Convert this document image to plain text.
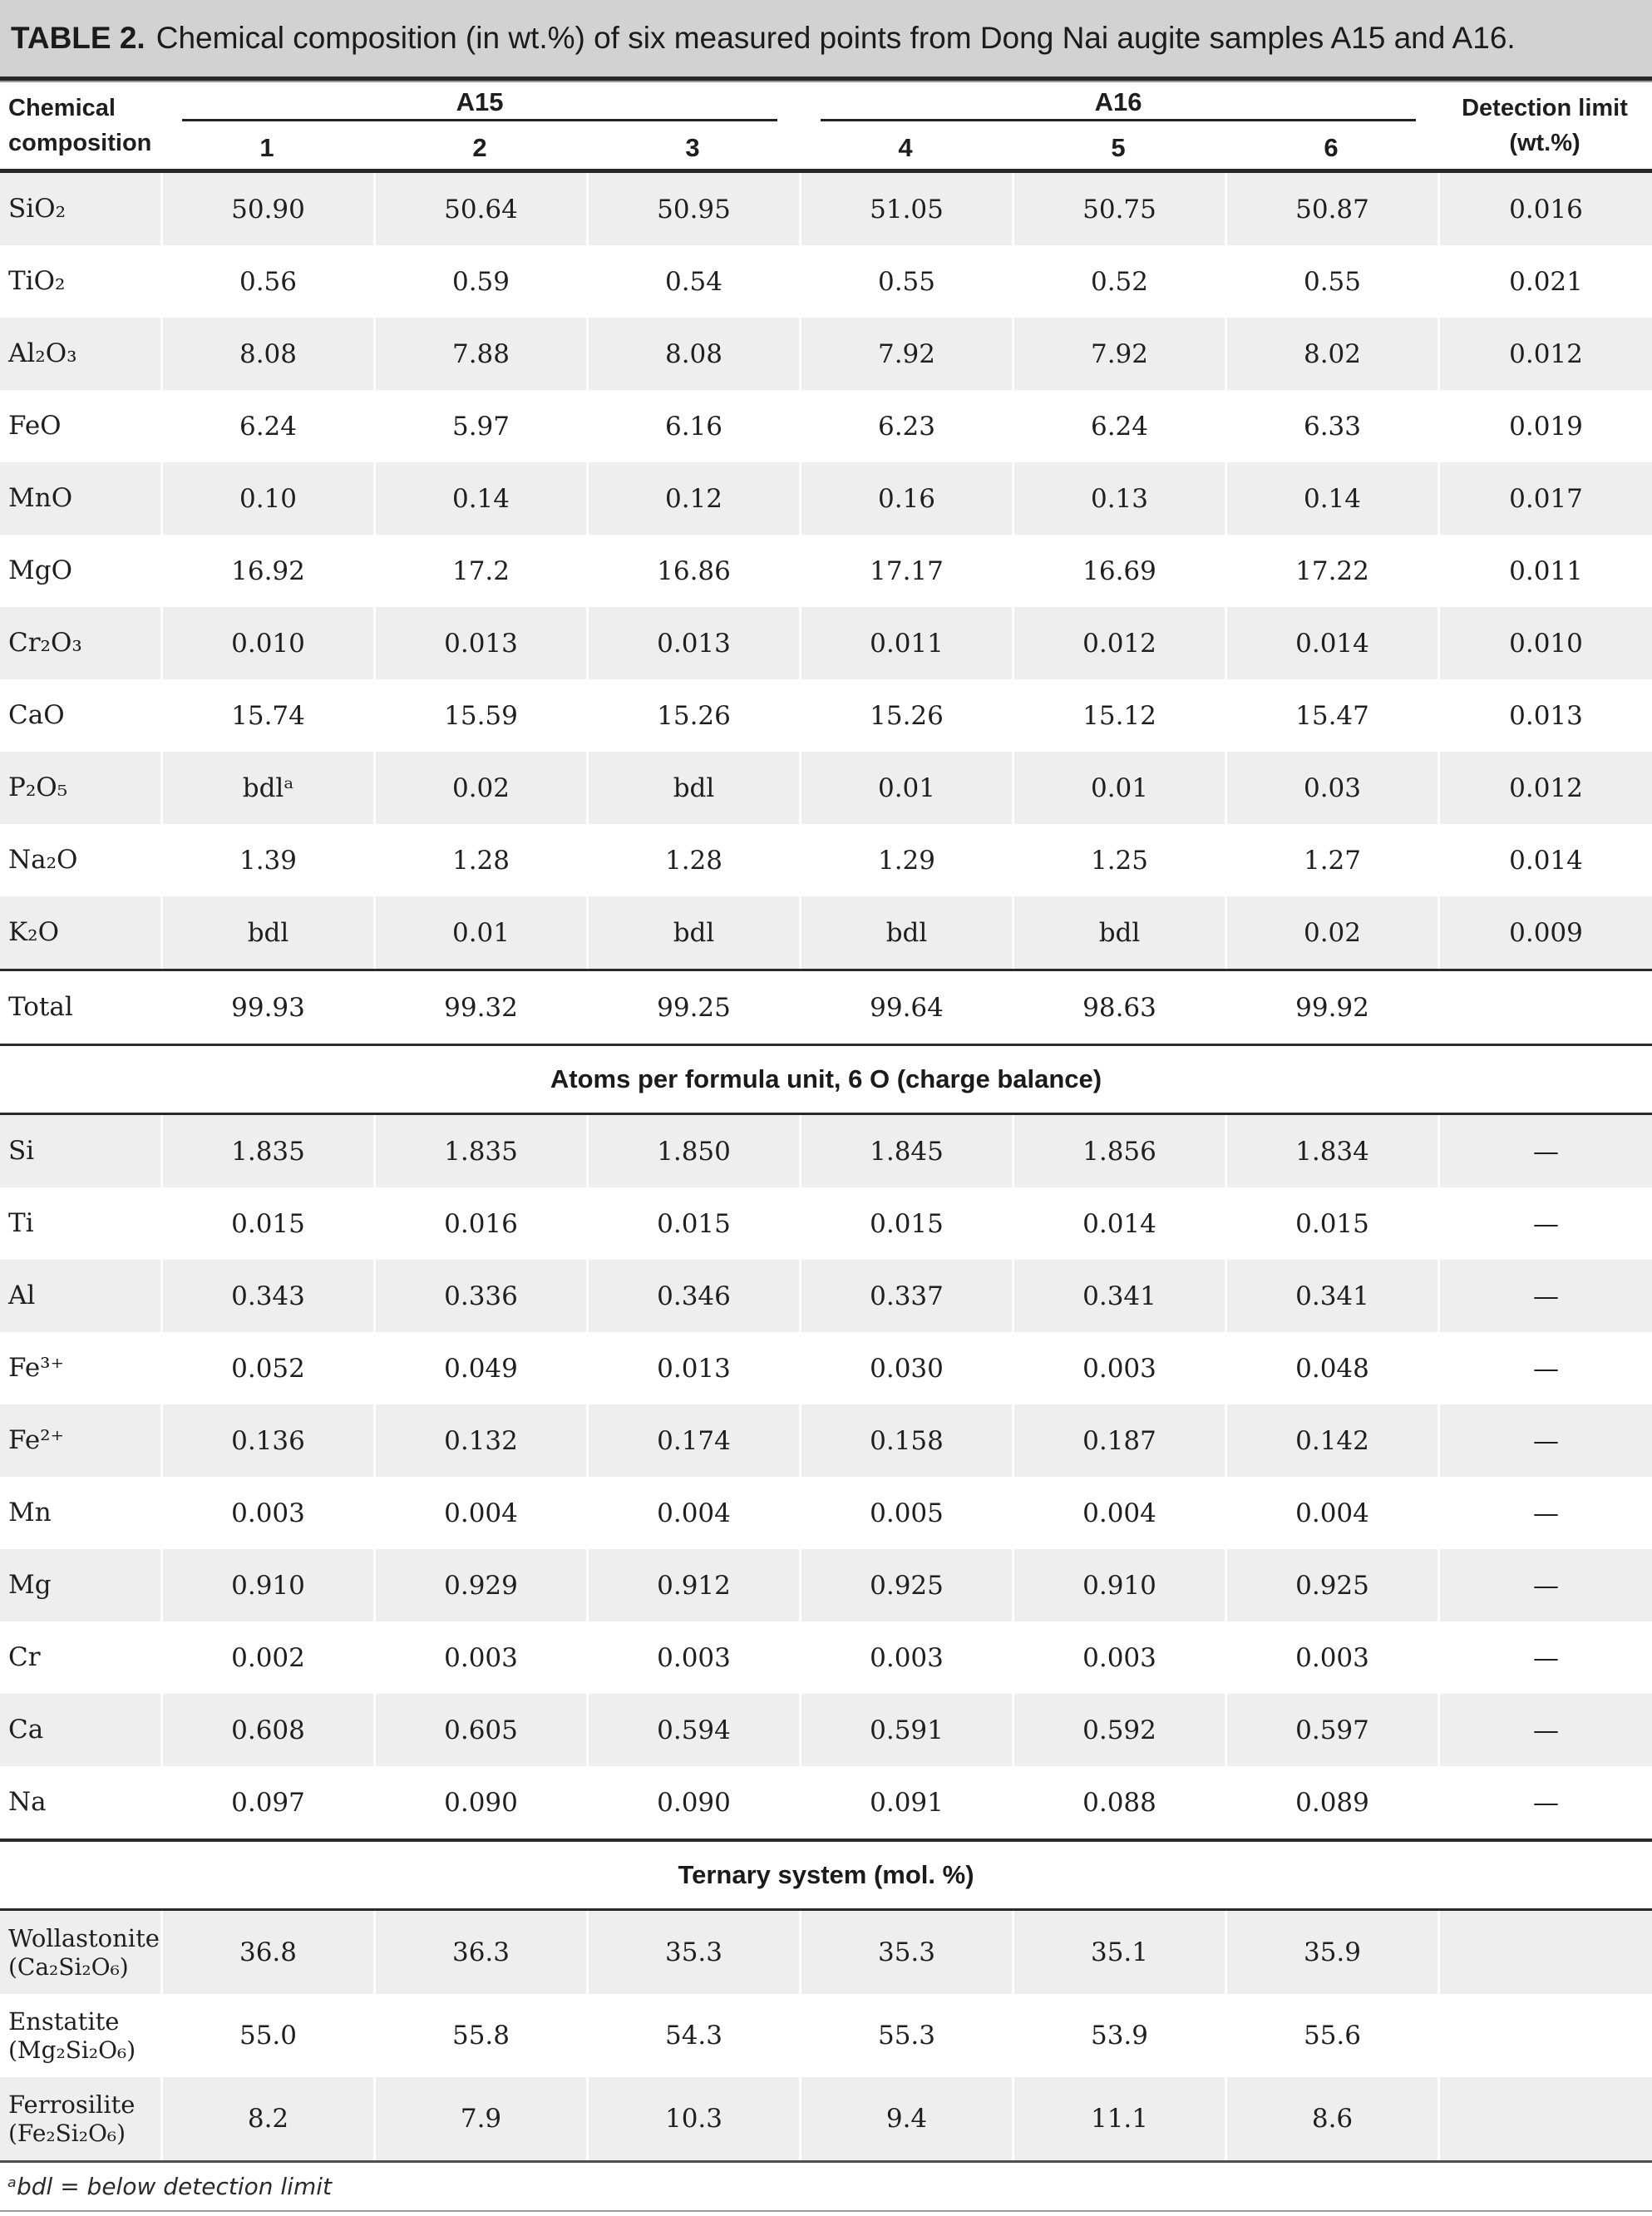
TABLE 2. Chemical composition (in wt.%) of six measured points from Dong Nai augite samples A15 and A16.
Chemical
composition
A15
1	2	3
A16
4	5	6
Detection limit
(wt.%)
SiO₂	50.90	50.64	50.95	51.05	50.75	50.87	0.016
TiO₂	0.56	0.59	0.54	0.55	0.52	0.55	0.021
Al₂O₃	8.08	7.88	8.08	7.92	7.92	8.02	0.012
FeO	6.24	5.97	6.16	6.23	6.24	6.33	0.019
MnO	0.10	0.14	0.12	0.16	0.13	0.14	0.017
MgO	16.92	17.2	16.86	17.17	16.69	17.22	0.011
Cr₂O₃	0.010	0.013	0.013	0.011	0.012	0.014	0.010
CaO	15.74	15.59	15.26	15.26	15.12	15.47	0.013
P₂O₅	bdlᵃ	0.02	bdl	0.01	0.01	0.03	0.012
Na₂O	1.39	1.28	1.28	1.29	1.25	1.27	0.014
K₂O	bdl	0.01	bdl	bdl	bdl	0.02	0.009
Total	99.93	99.32	99.25	99.64	98.63	99.92
Atoms per formula unit, 6 O (charge balance)
Si	1.835	1.835	1.850	1.845	1.856	1.834	—
Ti	0.015	0.016	0.015	0.015	0.014	0.015	—
Al	0.343	0.336	0.346	0.337	0.341	0.341	—
Fe³⁺	0.052	0.049	0.013	0.030	0.003	0.048	—
Fe²⁺	0.136	0.132	0.174	0.158	0.187	0.142	—
Mn	0.003	0.004	0.004	0.005	0.004	0.004	—
Mg	0.910	0.929	0.912	0.925	0.910	0.925	—
Cr	0.002	0.003	0.003	0.003	0.003	0.003	—
Ca	0.608	0.605	0.594	0.591	0.592	0.597	—
Na	0.097	0.090	0.090	0.091	0.088	0.089	—
Ternary system (mol. %)
Wollastonite
(Ca₂Si₂O₆)	36.8	36.3	35.3	35.3	35.1	35.9
Enstatite
(Mg₂Si₂O₆)	55.0	55.8	54.3	55.3	53.9	55.6
Ferrosilite
(Fe₂Si₂O₆)	8.2	7.9	10.3	9.4	11.1	8.6
ᵃbdl = below detection limit
